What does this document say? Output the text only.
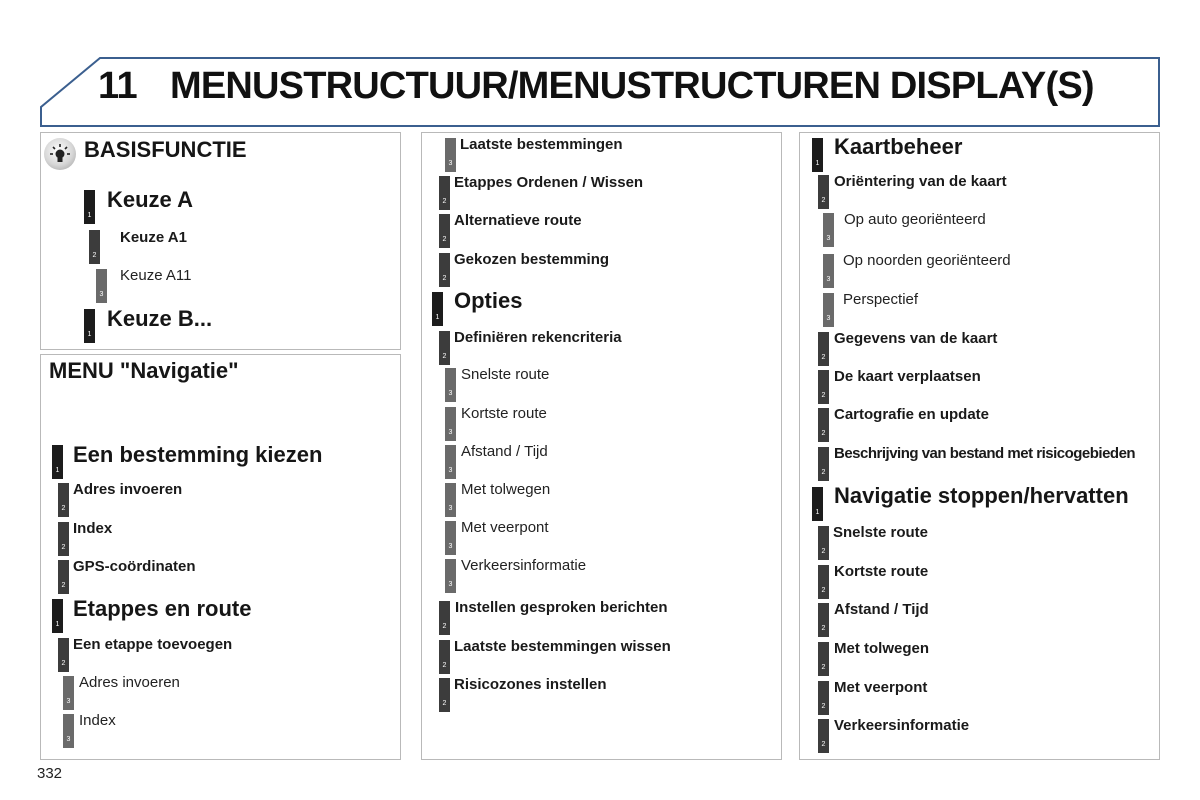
11 MENUSTRUCTUUR/MENUSTRUCTUREN DISPLAY(S)
BASISFUNCTIE
1
Keuze A
2
Keuze A1
3
Keuze A11
1
Keuze B...
MENU "Navigatie"
1
Een bestemming kiezen
2
Adres invoeren
2
Index
2
GPS-coördinaten
1
Etappes en route
2
Een etappe toevoegen
3
Adres invoeren
3
Index
3
Laatste bestemmingen
2
Etappes Ordenen / Wissen
2
Alternatieve route
2
Gekozen bestemming
1
Opties
2
Definiëren rekencriteria
3
Snelste route
3
Kortste route
3
Afstand / Tijd
3
Met tolwegen
3
Met veerpont
3
Verkeersinformatie
2
Instellen gesproken berichten
2
Laatste bestemmingen wissen
2
Risicozones instellen
1
Kaartbeheer
2
Oriëntering van de kaart
3
Op auto georiënteerd
3
Op noorden georiënteerd
3
Perspectief
2
Gegevens van de kaart
2
De kaart verplaatsen
2
Cartografie en update
2
Beschrijving van bestand met risicogebieden
1
Navigatie stoppen/hervatten
2
Snelste route
2
Kortste route
2
Afstand / Tijd
2
Met tolwegen
2
Met veerpont
2
Verkeersinformatie
332
